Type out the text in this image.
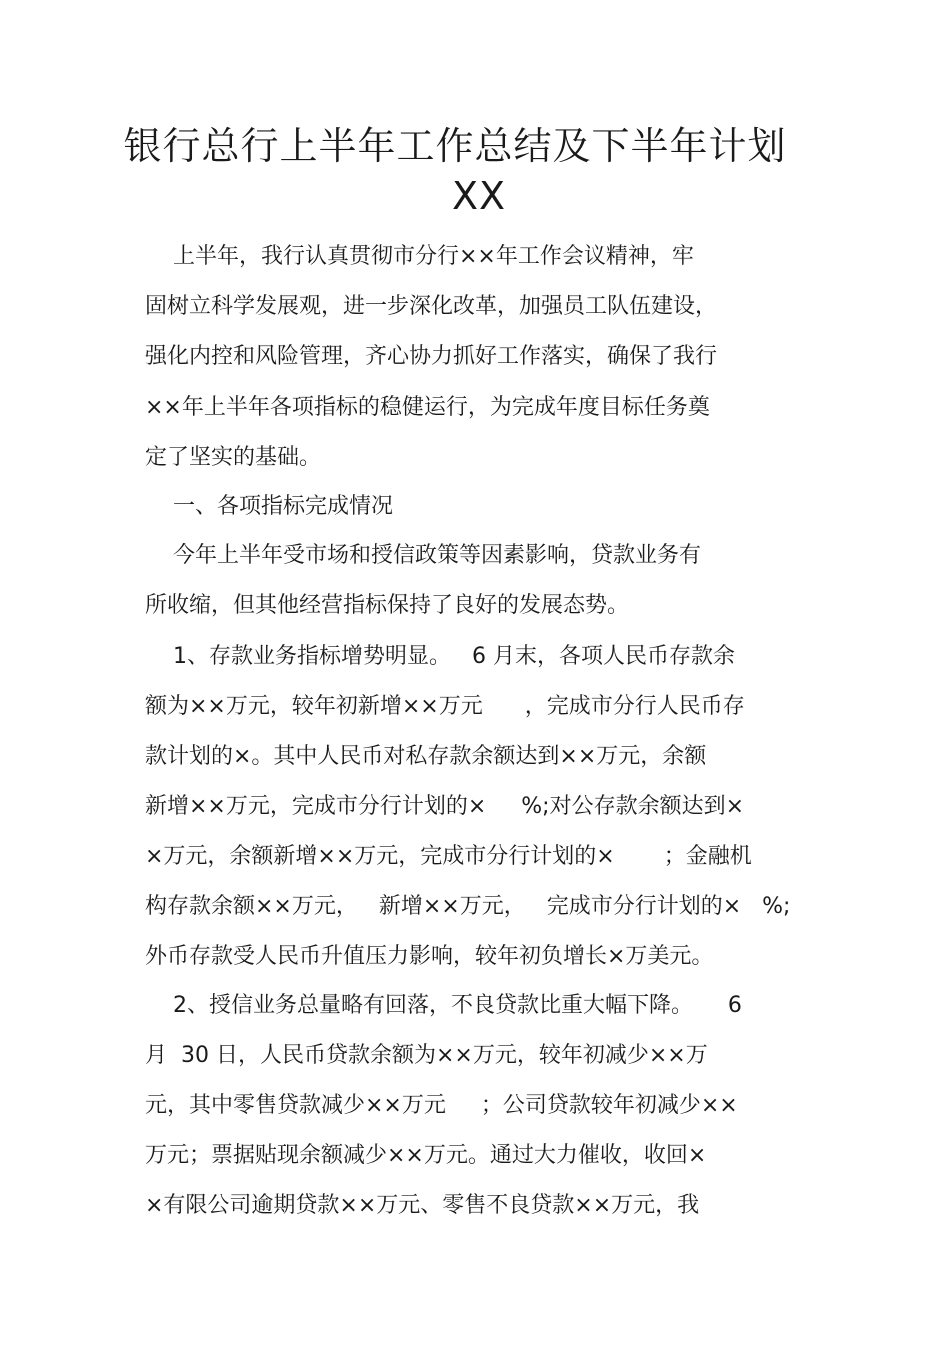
银行总行上半年工作总结及下半年计划
XX

上半年，我行认真贯彻市分行××年工作会议精神，牢

固树立科学发展观，进一步深化改革，加强员工队伍建设，

强化内控和风险管理，齐心协力抓好工作落实，确保了我行

××年上半年各项指标的稳健运行，为完成年度目标任务奠

定了坚实的基础。

一、各项指标完成情况

今年上半年受市场和授信政策等因素影响，贷款业务有

所收缩，但其他经营指标保持了良好的发展态势。

1、存款业务指标增势明显。   6 月末，各项人民币存款余

额为××万元，较年初新增××万元      ，完成市分行人民币存

款计划的×。其中人民币对私存款余额达到××万元，余额

新增××万元，完成市分行计划的×     %;对公存款余额达到×

×万元，余额新增××万元，完成市分行计划的×       ；金融机

构存款余额××万元，   新增××万元，   完成市分行计划的×   %;

外币存款受人民币升值压力影响，较年初负增长×万美元。

2、授信业务总量略有回落，不良贷款比重大幅下降。     6

月  30 日，人民币贷款余额为××万元，较年初减少××万

元，其中零售贷款减少××万元     ；公司贷款较年初减少××

万元；票据贴现余额减少××万元。通过大力催收，收回×

×有限公司逾期贷款××万元、零售不良贷款××万元，我
